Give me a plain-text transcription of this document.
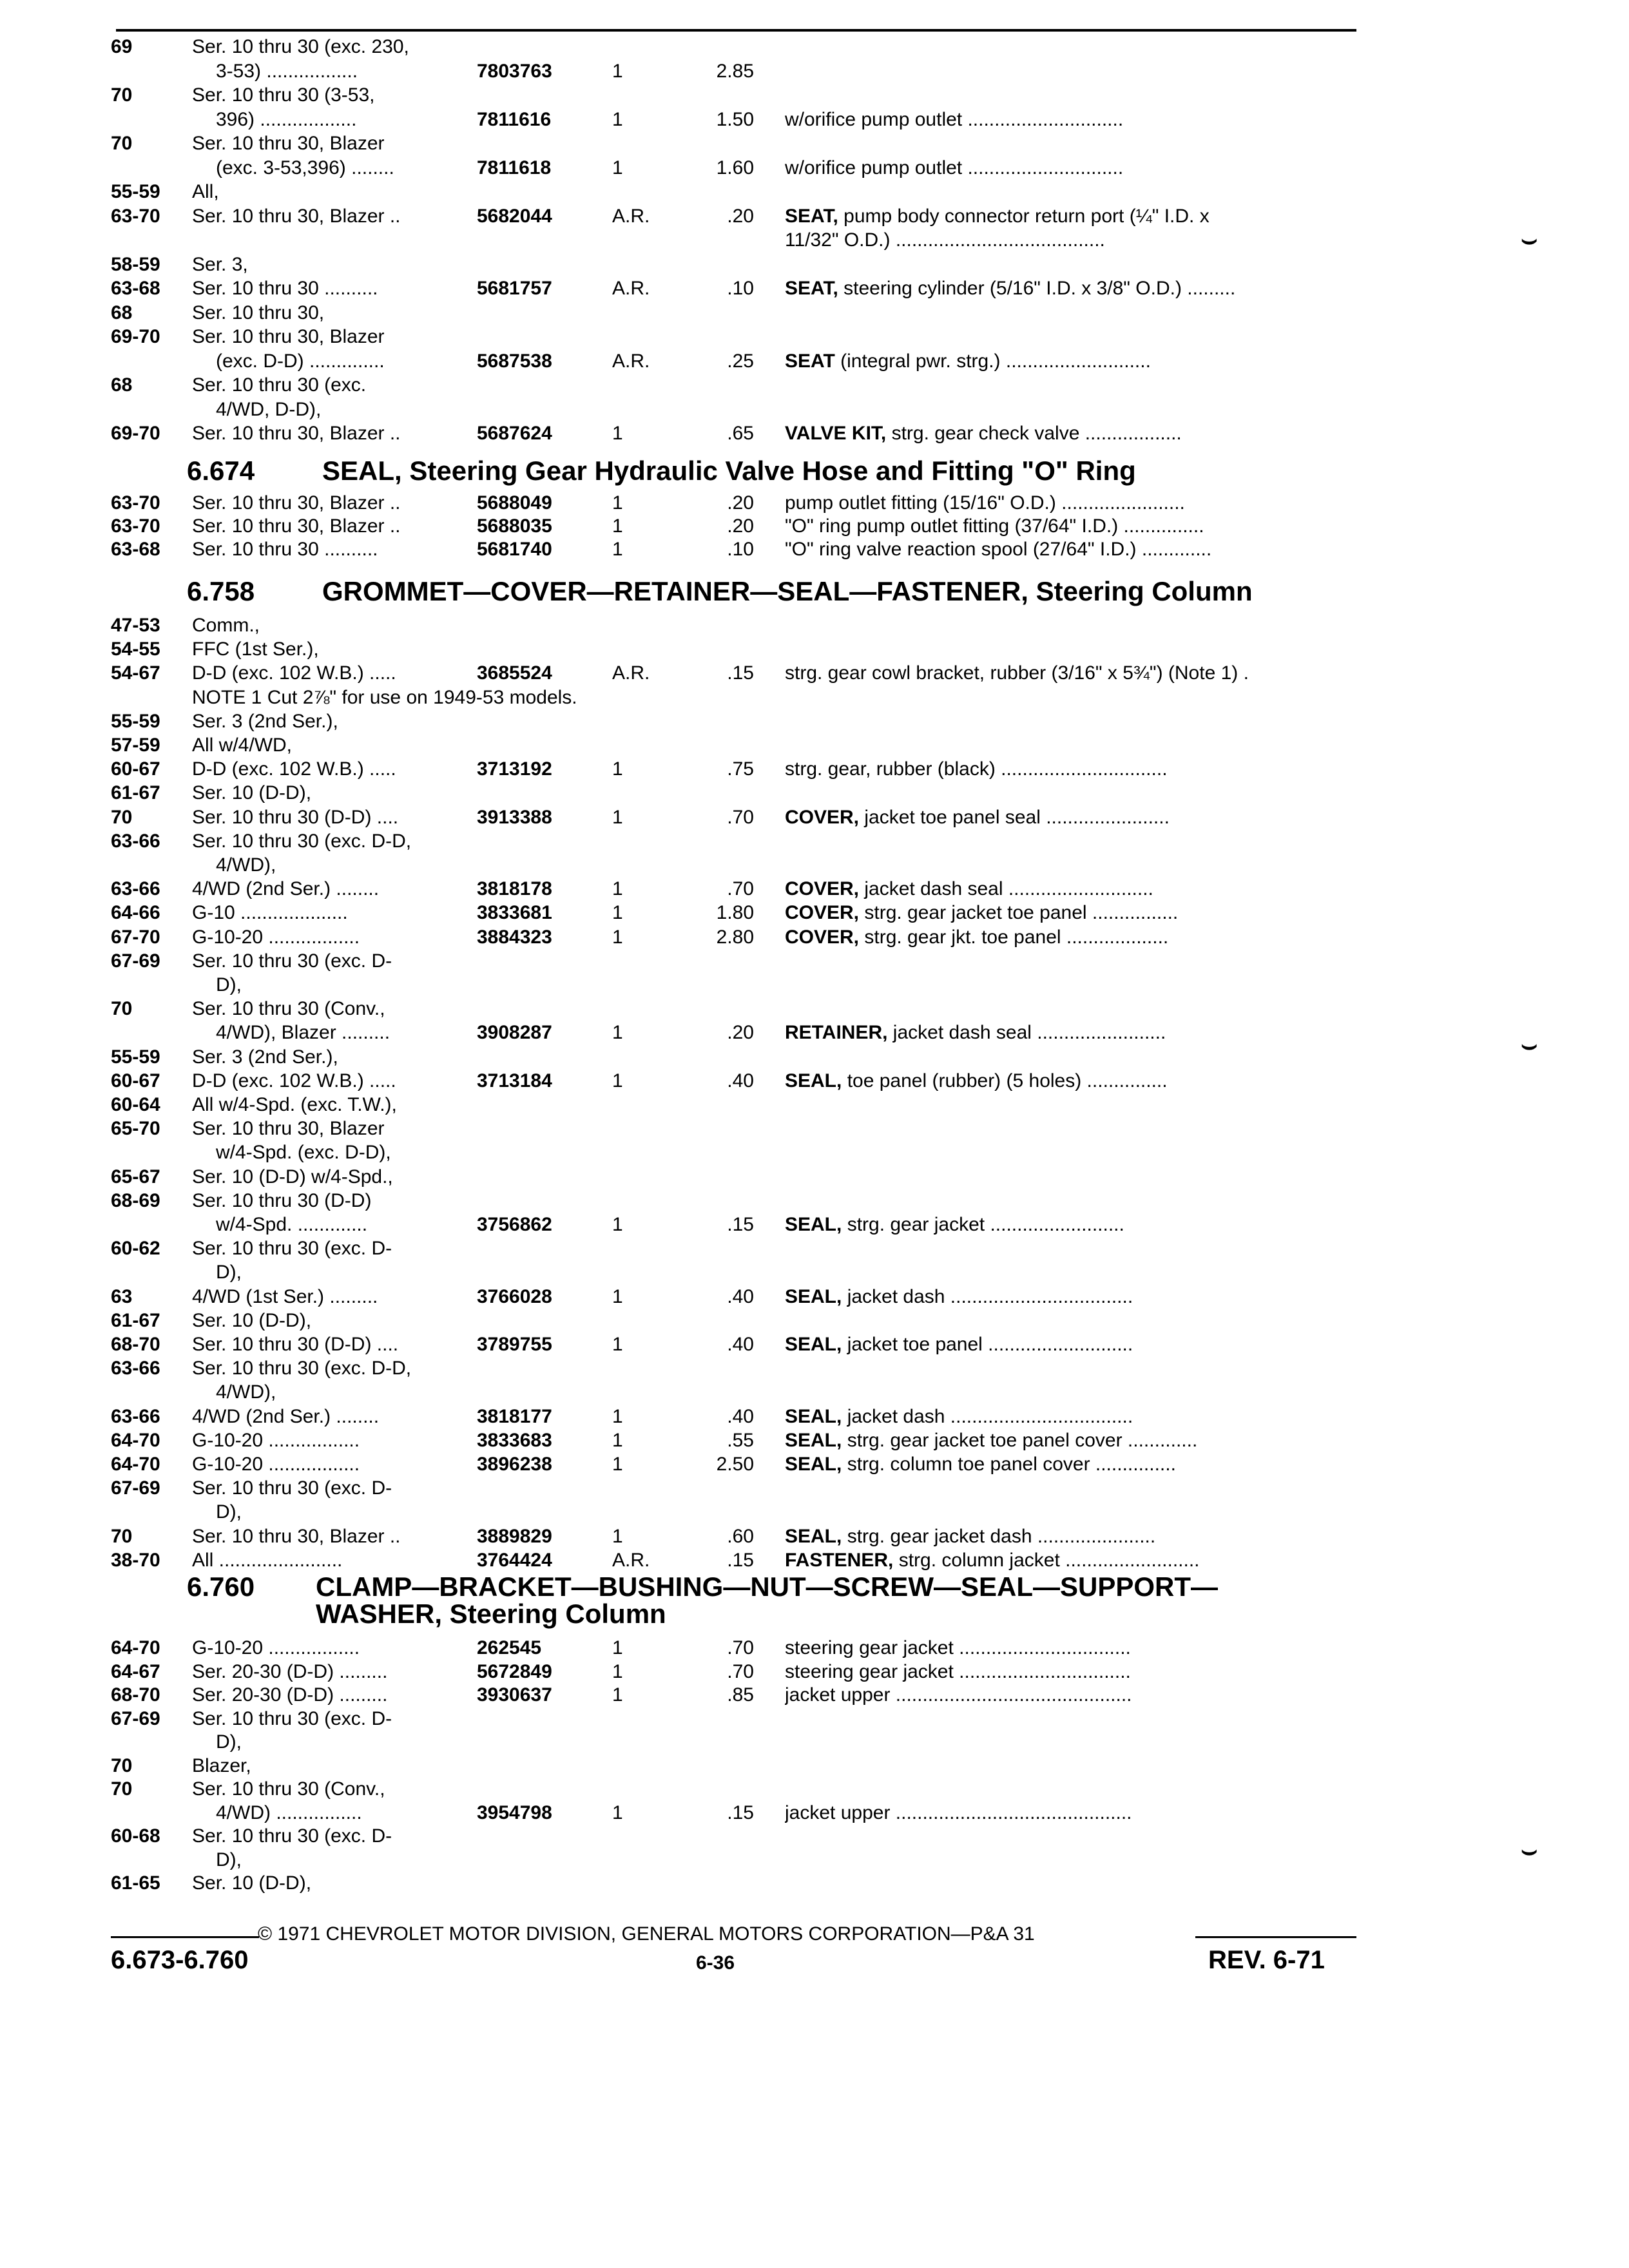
69	Ser. 10 thru 30 (exc. 230,
3-53) .................	7803763	1	2.85
70	Ser. 10 thru 30 (3-53,
396) ..................	7811616	1	1.50 w/orifice pump outlet .............................
70	Ser. 10 thru 30, Blazer
(exc. 3-53,396) ........	7811618	1	1.60 w/orifice pump outlet .............................
55-59 All,
63-70 Ser. 10 thru 30, Blazer ..	5682044	A.R.	.20 SEAT, pump body connector return port (¼" I.D. x
11/32" O.D.) .......................................
58-59 Ser. 3,
63-68 Ser. 10 thru 30 ..........	5681757	A.R.	.10 SEAT, steering cylinder (5/16" I.D. x 3/8" O.D.) .........
68	Ser. 10 thru 30,
69-70 Ser. 10 thru 30, Blazer
(exc. D-D) ..............	5687538	A.R.	.25 SEAT (integral pwr. strg.) ...........................
68	Ser. 10 thru 30 (exc.
4/WD, D-D),
69-70 Ser. 10 thru 30, Blazer ..	5687624	1	.65 VALVE KIT, strg. gear check valve ..................
6.674 SEAL, Steering Gear Hydraulic Valve Hose and Fitting "O" Ring
63-70 Ser. 10 thru 30, Blazer ..	5688049	1	.20 pump outlet fitting (15/16" O.D.) .......................
63-70 Ser. 10 thru 30, Blazer ..	5688035	1	.20 "O" ring pump outlet fitting (37/64" I.D.) ...............
63-68 Ser. 10 thru 30 ..........	5681740	1	.10 "O" ring valve reaction spool (27/64" I.D.) .............
6.758 GROMMET—COVER—RETAINER—SEAL—FASTENER, Steering Column
47-53 Comm.,
54-55 FFC (1st Ser.),
54-67 D-D (exc. 102 W.B.) .....	3685524	A.R.	.15 strg. gear cowl bracket, rubber (3/16" x 5¾") (Note 1) .
NOTE 1 Cut 2⅞" for use on 1949-53 models.
55-59 Ser. 3 (2nd Ser.),
57-59 All w/4/WD,
60-67 D-D (exc. 102 W.B.) .....	3713192	1	.75 strg. gear, rubber (black) ...............................
61-67 Ser. 10 (D-D),
70	Ser. 10 thru 30 (D-D) ....	3913388	1	.70 COVER, jacket toe panel seal .......................
63-66 Ser. 10 thru 30 (exc. D-D,
4/WD),
63-66 4/WD (2nd Ser.) ........	3818178	1	.70 COVER, jacket dash seal ...........................
64-66 G-10 ....................	3833681	1	1.80 COVER, strg. gear jacket toe panel ................
67-70 G-10-20 .................	3884323	1	2.80 COVER, strg. gear jkt. toe panel ...................
67-69 Ser. 10 thru 30 (exc. D-
D),
70	Ser. 10 thru 30 (Conv.,
4/WD), Blazer .........	3908287	1	.20 RETAINER, jacket dash seal ........................
55-59 Ser. 3 (2nd Ser.),
60-67 D-D (exc. 102 W.B.) .....	3713184	1	.40 SEAL, toe panel (rubber) (5 holes) ...............
60-64 All w/4-Spd. (exc. T.W.),
65-70 Ser. 10 thru 30, Blazer
w/4-Spd. (exc. D-D),
65-67 Ser. 10 (D-D) w/4-Spd.,
68-69 Ser. 10 thru 30 (D-D)
w/4-Spd. .............	3756862	1	.15 SEAL, strg. gear jacket .........................
60-62 Ser. 10 thru 30 (exc. D-
D),
63	4/WD (1st Ser.) .........	3766028	1	.40 SEAL, jacket dash ..................................
61-67 Ser. 10 (D-D),
68-70 Ser. 10 thru 30 (D-D) ....	3789755	1	.40 SEAL, jacket toe panel ...........................
63-66 Ser. 10 thru 30 (exc. D-D,
4/WD),
63-66 4/WD (2nd Ser.) ........	3818177	1	.40 SEAL, jacket dash ..................................
64-70 G-10-20 .................	3833683	1	.55 SEAL, strg. gear jacket toe panel cover .............
64-70 G-10-20 .................	3896238	1	2.50 SEAL, strg. column toe panel cover ...............
67-69 Ser. 10 thru 30 (exc. D-
D),
70	Ser. 10 thru 30, Blazer ..	3889829	1	.60 SEAL, strg. gear jacket dash ......................
38-70 All .......................	3764424	A.R.	.15 FASTENER, strg. column jacket .........................
6.760 CLAMP—BRACKET—BUSHING—NUT—SCREW—SEAL—SUPPORT—
WASHER, Steering Column
64-70 G-10-20 .................	262545	1	.70 steering gear jacket ................................
64-67 Ser. 20-30 (D-D) .........	5672849	1	.70 steering gear jacket ................................
68-70 Ser. 20-30 (D-D) .........	3930637	1	.85 jacket upper ............................................
67-69 Ser. 10 thru 30 (exc. D-
D),
70	Blazer,
70	Ser. 10 thru 30 (Conv.,
4/WD) ................	3954798	1	.15 jacket upper ............................................
60-68 Ser. 10 thru 30 (exc. D-
D),
61-65 Ser. 10 (D-D),
⌣
⌣
⌣
© 1971 CHEVROLET MOTOR DIVISION, GENERAL MOTORS CORPORATION—P&A 31
6.673-6.760	6-36	REV. 6-71
